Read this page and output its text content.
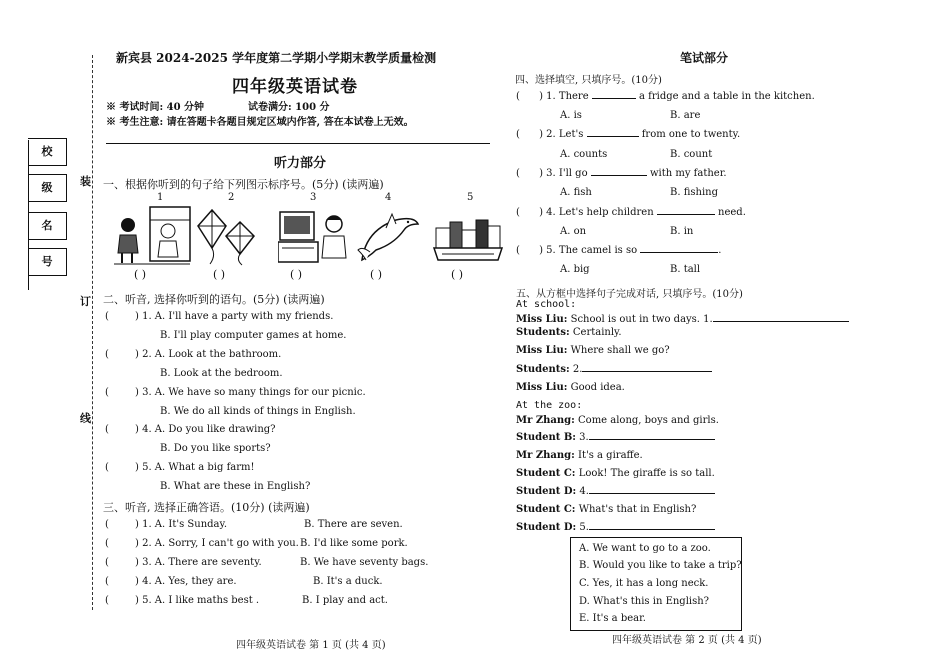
校
级
名
号
装
订
线
新宾县 2024-2025 学年度第二学期小学期末教学质量检测
四年级英语试卷
※ 考试时间: 40 分钟	试卷满分: 100 分
※ 考生注意: 请在答题卡各题目规定区域内作答, 答在本试卷上无效。
听力部分
一、根据你听到的句子给下列图示标序号。(5分) (读两遍)
1	2	3	4	5
( )	( )	( )	( )	( )
二、听音, 选择你听到的语句。(5分) (读两遍)
(	) 1. A. I'll have a party with my friends.
B. I'll play computer games at home.
(	) 2. A. Look at the bathroom.
B. Look at the bedroom.
(	) 3. A. We have so many things for our picnic.
B. We do all kinds of things in English.
(	) 4. A. Do you like drawing?
B. Do you like sports?
(	) 5. A. What a big farm!
B. What are these in English?
三、听音, 选择正确答语。(10分) (读两遍)
(	) 1. A. It's Sunday.	B. There are seven.
(	) 2. A. Sorry, I can't go with you. B. I'd like some pork.
(	) 3. A. There are seventy.	B. We have seventy bags.
(	) 4. A. Yes, they are.	B. It's a duck.
(	) 5. A. I like maths best .	B. I play and act.
四年级英语试卷 第 1 页 (共 4 页)
笔试部分
四、选择填空, 只填序号。(10分)
( ) 1. There	a fridge and a table in the kitchen.
A. is	B. are
( ) 2. Let's	from one to twenty.
A. counts	B. count
( ) 3. I'll go	with my father.
A. fish	B. fishing
( ) 4. Let's help children	need.
A. on	B. in
( ) 5. The camel is so	.
A. big	B. tall
五、从方框中选择句子完成对话, 只填序号。(10分)
At school:
Miss Liu: School is out in two days. 1.
Students: Certainly.
Miss Liu: Where shall we go?
Students: 2.
Miss Liu: Good idea.
At the zoo:
Mr Zhang: Come along, boys and girls.
Student B: 3.
Mr Zhang: It's a giraffe.
Student C: Look! The giraffe is so tall.
Student D: 4.
Student C: What's that in English?
Student D: 5.
A. We want to go to a zoo.
B. Would you like to take a trip?
C. Yes, it has a long neck.
D. What's this in English?
E. It's a bear.
四年级英语试卷 第 2 页 (共 4 页)
